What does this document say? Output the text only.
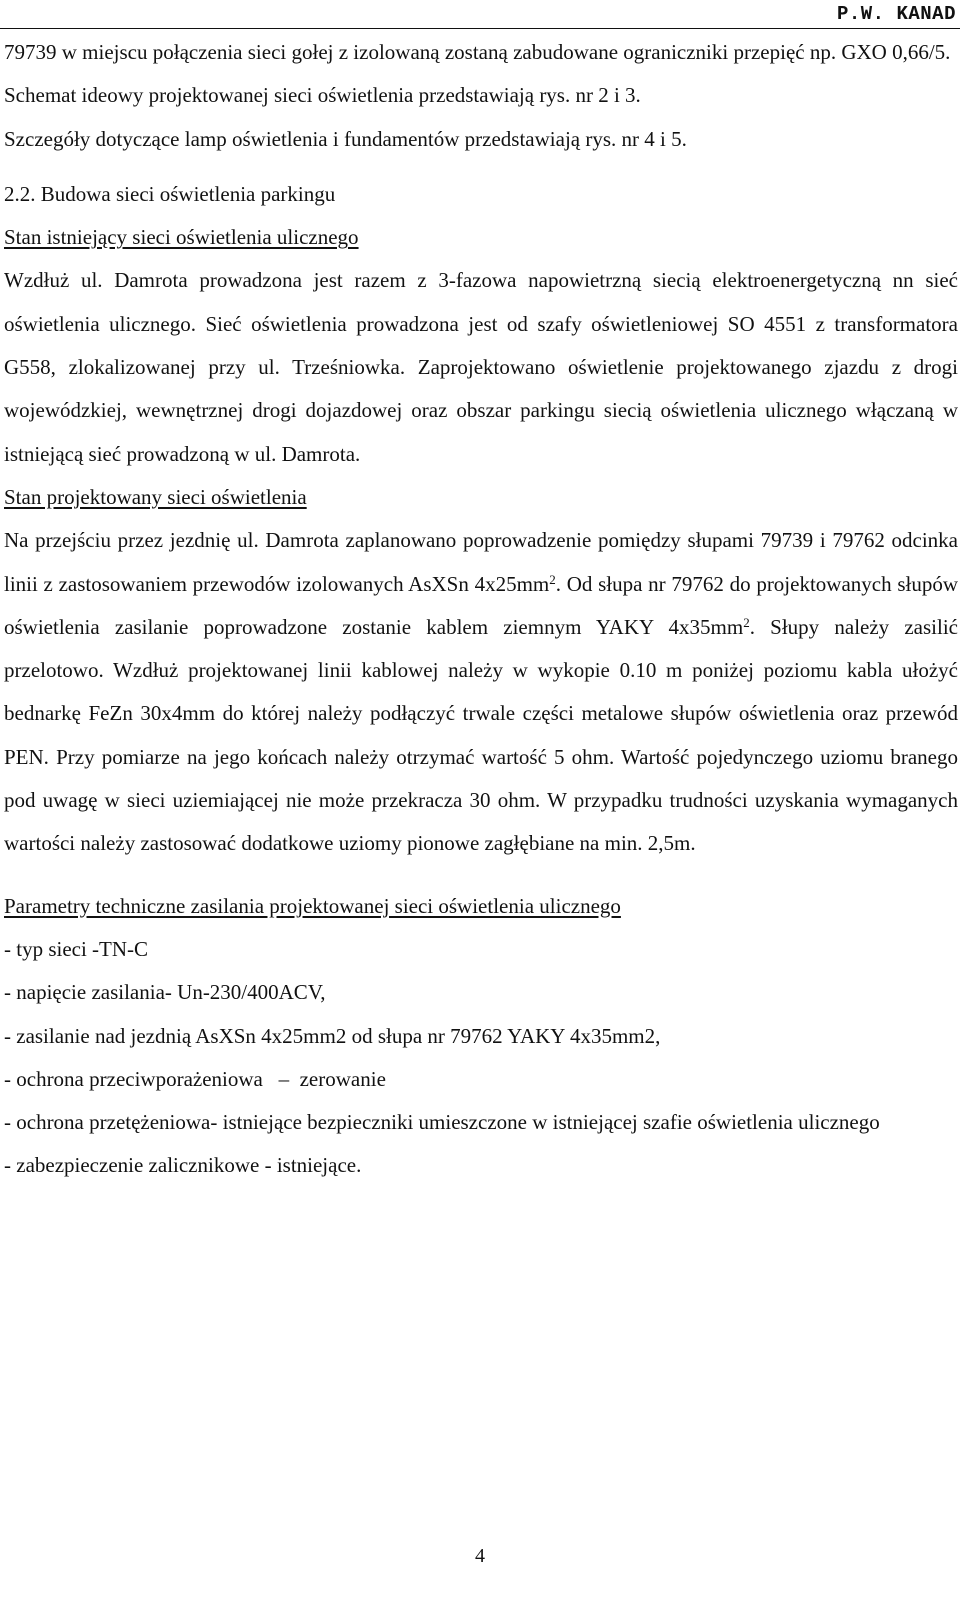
P.W. KANAD

79739 w miejscu połączenia sieci gołej z izolowaną zostaną zabudowane ograniczniki przepięć np. GXO 0,66/5.

Schemat ideowy projektowanej sieci oświetlenia przedstawiają rys. nr 2 i 3.

Szczegóły dotyczące lamp oświetlenia i fundamentów przedstawiają rys. nr 4 i 5.

2.2. Budowa sieci oświetlenia parkingu

Stan istniejący sieci oświetlenia ulicznego

Wzdłuż ul. Damrota prowadzona jest razem z 3-fazowa napowietrzną siecią elektroenergetyczną nn sieć oświetlenia ulicznego. Sieć oświetlenia prowadzona jest od szafy oświetleniowej SO 4551 z transformatora G558, zlokalizowanej przy ul. Trześniowka. Zaprojektowano oświetlenie projektowanego zjazdu z drogi wojewódzkiej, wewnętrznej drogi dojazdowej oraz obszar parkingu siecią oświetlenia ulicznego włączaną w istniejącą sieć prowadzoną w ul. Damrota.

Stan projektowany sieci oświetlenia

Na przejściu przez jezdnię ul. Damrota zaplanowano poprowadzenie pomiędzy słupami 79739 i 79762 odcinka linii z zastosowaniem przewodów izolowanych AsXSn $4x25mm^2$. Od słupa nr 79762 do projektowanych słupów oświetlenia zasilanie poprowadzone zostanie kablem ziemnym YAKY $4x35mm^2$. Słupy należy zasilić przelotowo. Wzdłuż projektowanej linii kablowej należy w wykopie 0.10 m poniżej poziomu kabla ułożyć bednarkę FeZn 30x4mm do której należy podłączyć trwale części metalowe słupów oświetlenia oraz przewód PEN. Przy pomiarze na jego końcach należy otrzymać wartość 5 ohm. Wartość pojedynczego uziomu branego pod uwagę w sieci uziemiającej nie może przekracza 30 ohm. W przypadku trudności uzyskania wymaganych wartości należy zastosować dodatkowe uziomy pionowe zagłębiane na min. 2,5m.

Parametry techniczne zasilania projektowanej sieci oświetlenia ulicznego

- typ sieci -TN-C

- napięcie zasilania- Un-230/400ACV,

- zasilanie nad jezdnią AsXSn 4x25mm2 od słupa nr 79762 YAKY 4x35mm2,

- ochrona przeciwporażeniowa   –  zerowanie

- ochrona przetężeniowa- istniejące bezpieczniki umieszczone w istniejącej szafie oświetlenia ulicznego

- zabezpieczenie zalicznikowe - istniejące.

4
